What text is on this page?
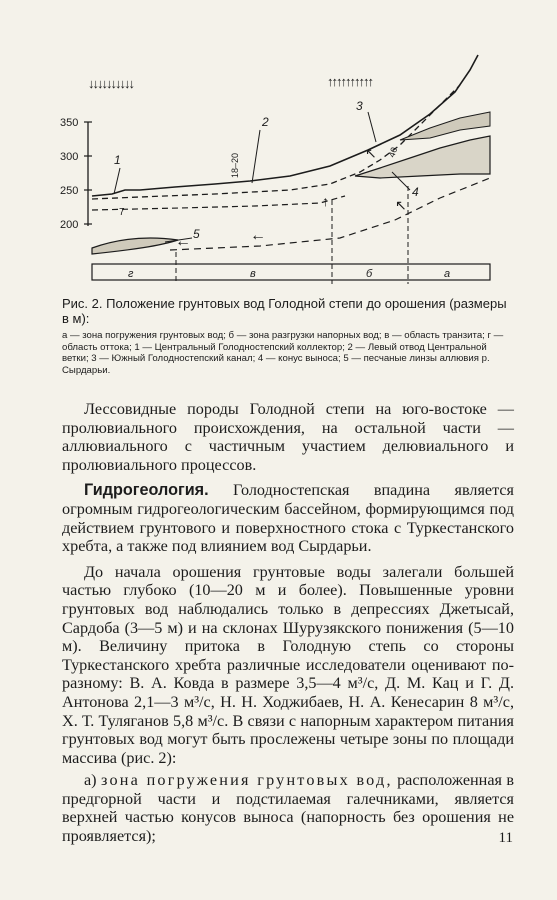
350
300
250
200
↓↓↓↓↓↓↓↓↓↓	↑↑↑↑↑↑↑↑↑↑
←
←
↑	↖
↖
1
2
3
4
5
7
18–20
40
г	в	б	а

Рис. 2. Положение грунтовых вод Голодной степи до орошения (размеры в м):

а — зона погружения грунтовых вод; б — зона разгрузки напорных вод; в — область транзита; г — область оттока; 1 — Центральный Голодностепский коллектор; 2 — Левый отвод Центральной ветки; 3 — Южный Голодностепский канал; 4 — конус выноса; 5 — песчаные линзы аллювия р. Сырдарьи.

Лессовидные породы Голодной степи на юго-востоке — пролювиального происхождения, на остальной части — аллювиального с частичным участием делювиального и пролювиального процессов.

Гидрогеология. Голодностепская впадина является огромным гидрогеологическим бассейном, формирующимся под действием грунтового и поверхностного стока с Туркестанского хребта, а также под влиянием вод Сырдарьи.

До начала орошения грунтовые воды залегали большей частью глубоко (10—20 м и более). Повышенные уровни грунтовых вод наблюдались только в депрессиях Джетысай, Сардоба (3—5 м) и на склонах Шурузякского понижения (5—10 м). Величину притока в Голодную степь со стороны Туркестанского хребта различные исследователи оценивают по-разному: В. А. Ковда в размере 3,5—4 м³/с, Д. М. Кац и Г. Д. Антонова 2,1—3 м³/с, Н. Н. Ходжибаев, Н. А. Кенесарин 8 м³/с, Х. Т. Туляганов 5,8 м³/с. В связи с напорным характером питания грунтовых вод могут быть прослежены четыре зоны по площади массива (рис. 2):

а) зона погружения грунтовых вод, расположенная в предгорной части и подстилаемая галечниками, является верхней частью конусов выноса (напорность без орошения не проявляется);	11
